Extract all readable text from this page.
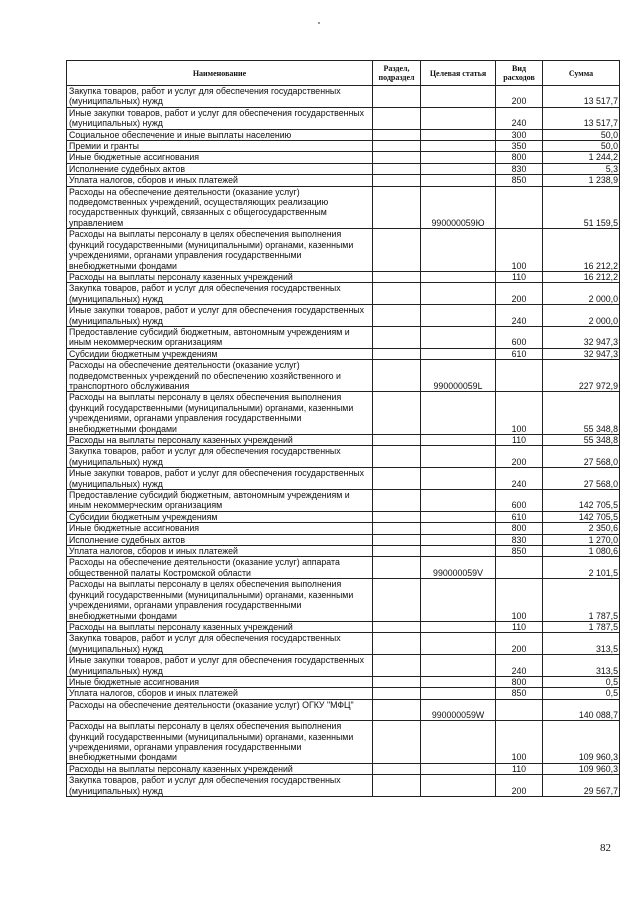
Наименование	Раздел, подраздел	Целевая статья	Вид расходов	Сумма
Закупка товаров, работ и услуг для обеспечения государственных (муниципальных) нужд			200	13 517,7
Иные закупки товаров, работ и услуг для обеспечения государственных (муниципальных) нужд			240	13 517,7
Социальное обеспечение и иные выплаты населению			300	50,0
Премии и гранты			350	50,0
Иные бюджетные ассигнования			800	1 244,2
Исполнение судебных актов			830	5,3
Уплата налогов, сборов и иных платежей			850	1 238,9
Расходы на обеспечение деятельности (оказание услуг) подведомственных учреждений, осуществляющих реализацию государственных функций, связанных с общегосударственным управлением		990000059Ю		51 159,5
Расходы на выплаты персоналу в целях обеспечения выполнения функций государственными (муниципальными) органами, казенными учреждениями, органами управления государственными внебюджетными фондами			100	16 212,2
Расходы на выплаты персоналу казенных учреждений			110	16 212,2
Закупка товаров, работ и услуг для обеспечения государственных (муниципальных) нужд			200	2 000,0
Иные закупки товаров, работ и услуг для обеспечения государственных (муниципальных) нужд			240	2 000,0
Предоставление субсидий бюджетным, автономным учреждениям и иным некоммерческим организациям			600	32 947,3
Субсидии бюджетным учреждениям			610	32 947,3
Расходы на обеспечение деятельности (оказание услуг) подведомственных учреждений по обеспечению хозяйственного и транспортного обслуживания		990000059L		227 972,9
Расходы на выплаты персоналу в целях обеспечения выполнения функций государственными (муниципальными) органами, казенными учреждениями, органами управления государственными внебюджетными фондами			100	55 348,8
Расходы на выплаты персоналу казенных учреждений			110	55 348,8
Закупка товаров, работ и услуг для обеспечения государственных (муниципальных) нужд			200	27 568,0
Иные закупки товаров, работ и услуг для обеспечения государственных (муниципальных) нужд			240	27 568,0
Предоставление субсидий бюджетным, автономным учреждениям и иным некоммерческим организациям			600	142 705,5
Субсидии бюджетным учреждениям			610	142 705,5
Иные бюджетные ассигнования			800	2 350,6
Исполнение судебных актов			830	1 270,0
Уплата налогов, сборов и иных платежей			850	1 080,6
Расходы на обеспечение деятельности (оказание услуг) аппарата общественной палаты Костромской области		990000059V		2 101,5
Расходы на выплаты персоналу в целях обеспечения выполнения функций государственными (муниципальными) органами, казенными учреждениями, органами управления государственными внебюджетными фондами			100	1 787,5
Расходы на выплаты персоналу казенных учреждений			110	1 787,5
Закупка товаров, работ и услуг для обеспечения государственных (муниципальных) нужд			200	313,5
Иные закупки товаров, работ и услуг для обеспечения государственных (муниципальных) нужд			240	313,5
Иные бюджетные ассигнования			800	0,5
Уплата налогов, сборов и иных платежей			850	0,5
Расходы на обеспечение деятельности (оказание услуг) ОГКУ "МФЦ"		990000059W		140 088,7
Расходы на выплаты персоналу в целях обеспечения выполнения функций государственными (муниципальными) органами, казенными учреждениями, органами управления государственными внебюджетными фондами			100	109 960,3
Расходы на выплаты персоналу казенных учреждений			110	109 960,3
Закупка товаров, работ и услуг для обеспечения государственных (муниципальных) нужд			200	29 567,7
82
